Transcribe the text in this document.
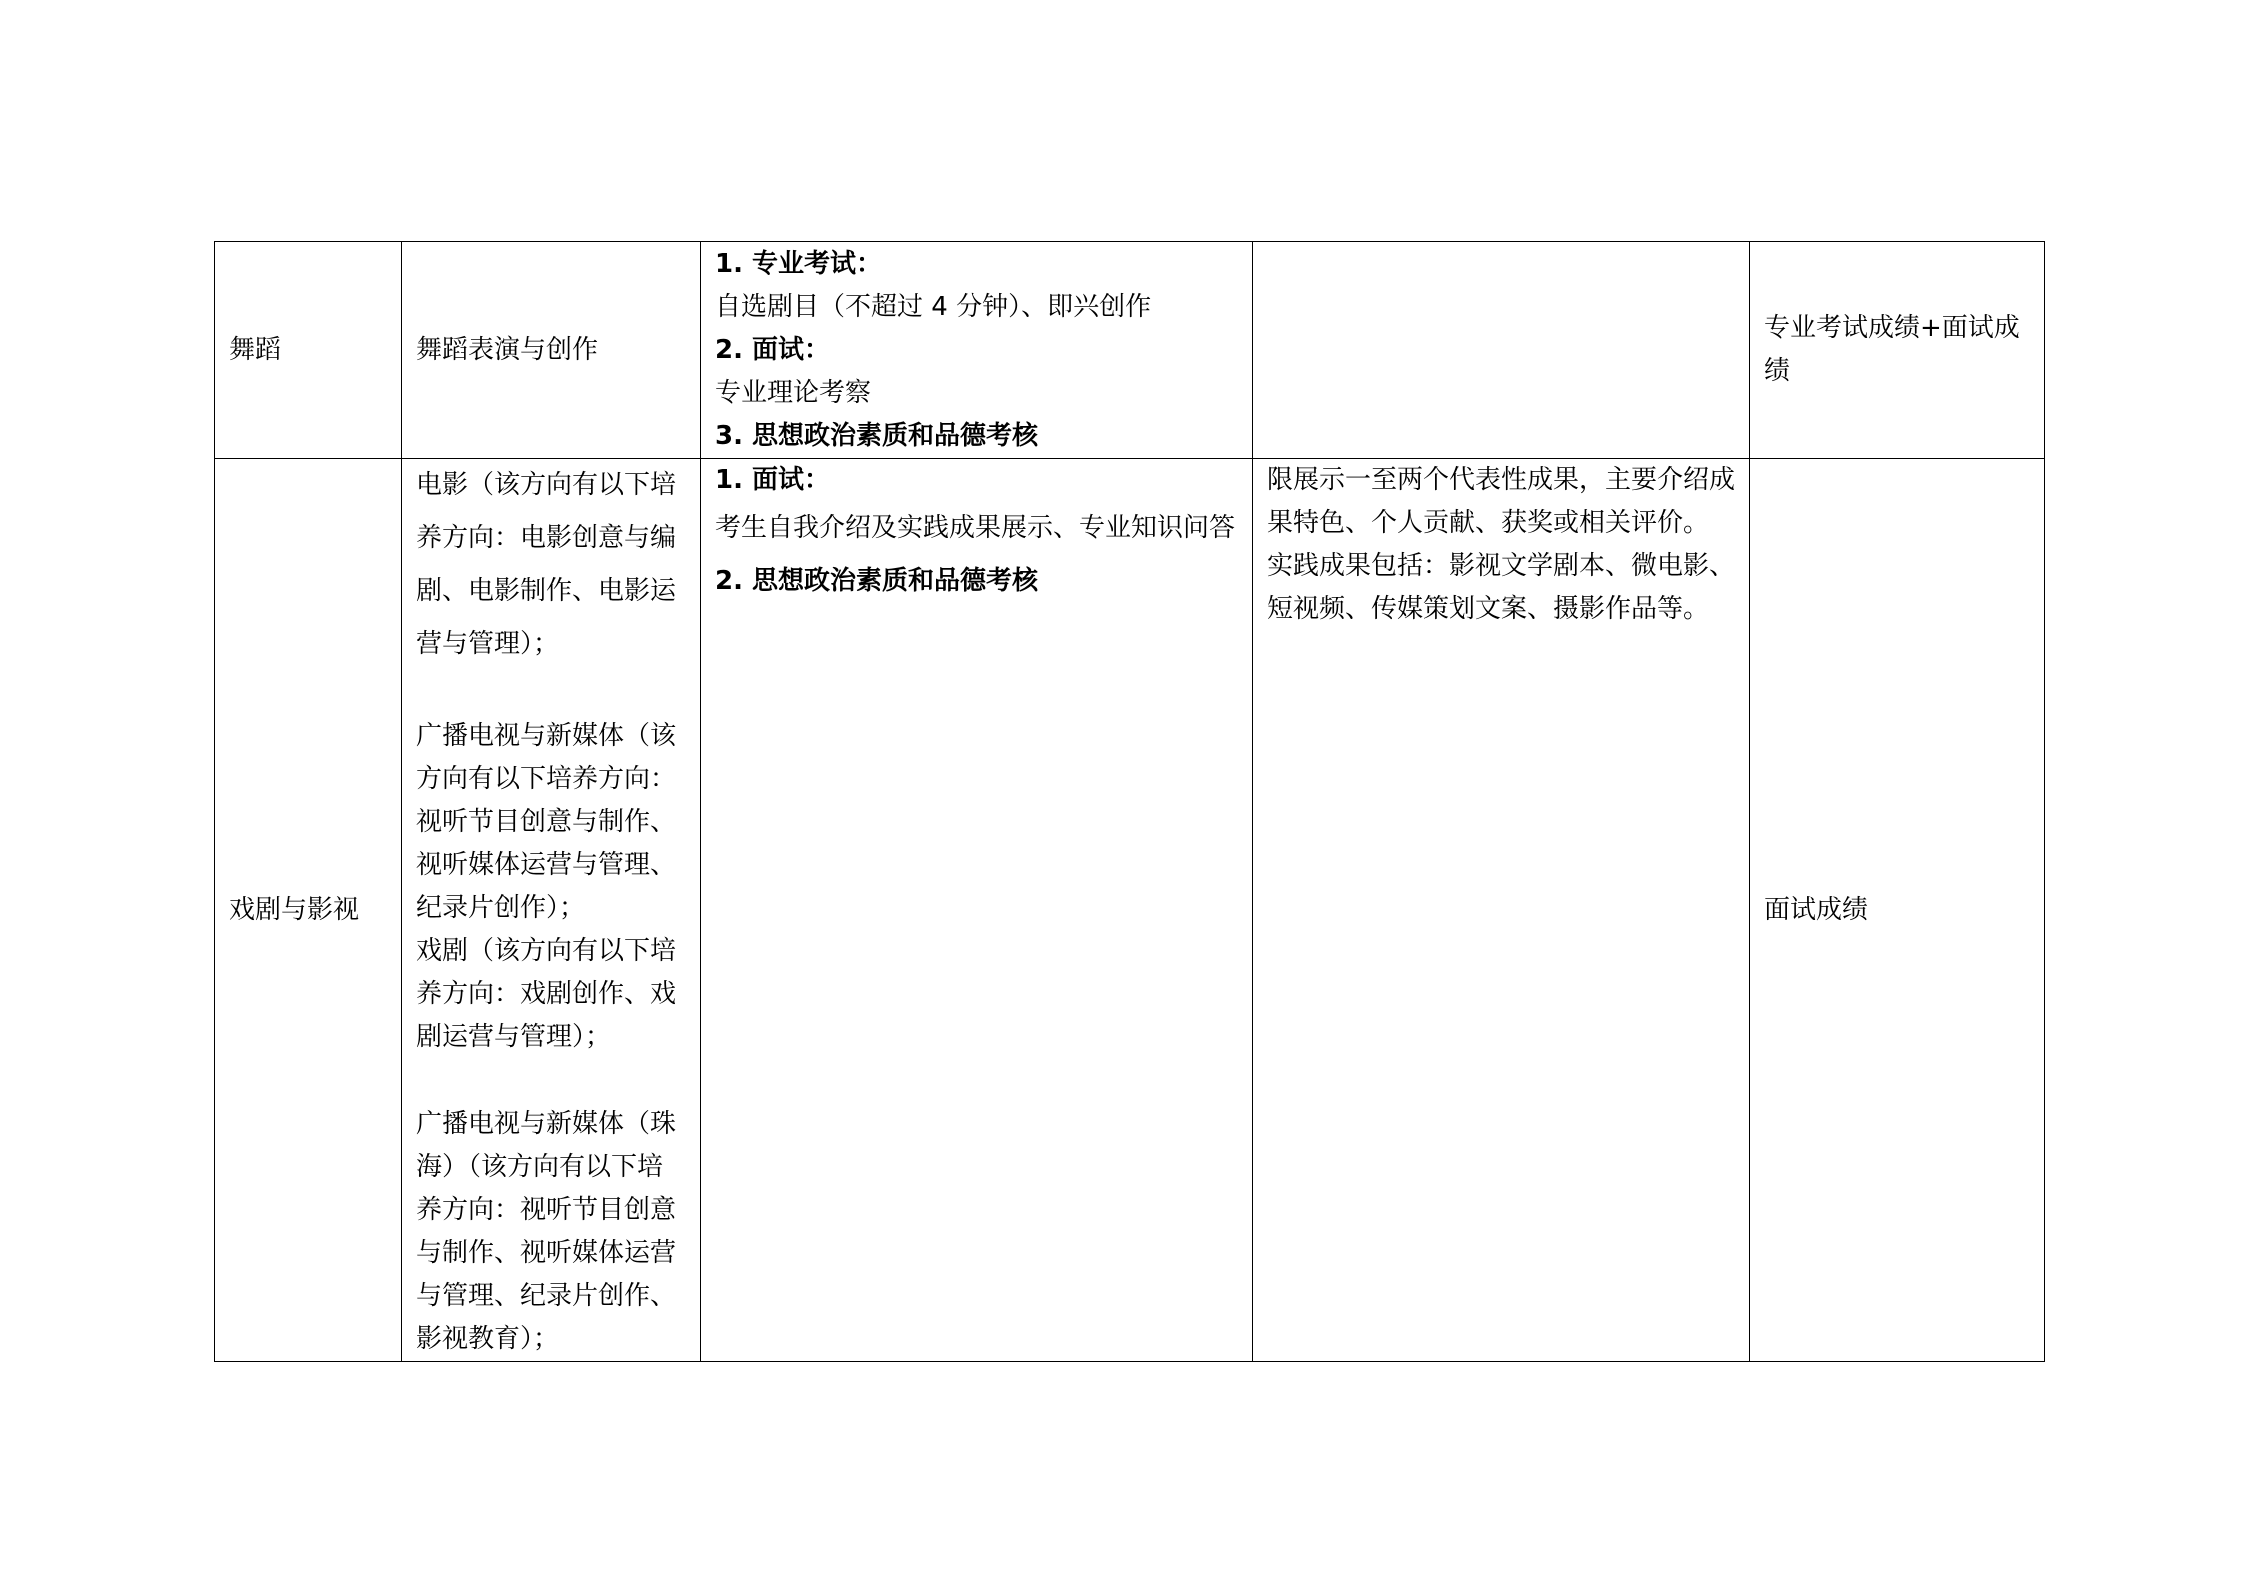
舞蹈	舞蹈表演与创作	1. 专业考试：
自选剧目（不超过 4 分钟）、即兴创作
2. 面试：
专业理论考察
3. 思想政治素质和品德考核		专业考试成绩+面试成绩
戏剧与影视	电影（该方向有以下培养方向：电影创意与编剧、电影制作、电影运营与管理）；
广播电视与新媒体（该方向有以下培养方向：视听节目创意与制作、视听媒体运营与管理、纪录片创作）；
戏剧（该方向有以下培养方向：戏剧创作、戏剧运营与管理）；
广播电视与新媒体（珠海）（该方向有以下培养方向：视听节目创意与制作、视听媒体运营与管理、纪录片创作、影视教育）；	1. 面试：
考生自我介绍及实践成果展示、专业知识问答
2. 思想政治素质和品德考核	限展示一至两个代表性成果，主要介绍成果特色、个人贡献、获奖或相关评价。
实践成果包括：影视文学剧本、微电影、短视频、传媒策划文案、摄影作品等。	面试成绩
